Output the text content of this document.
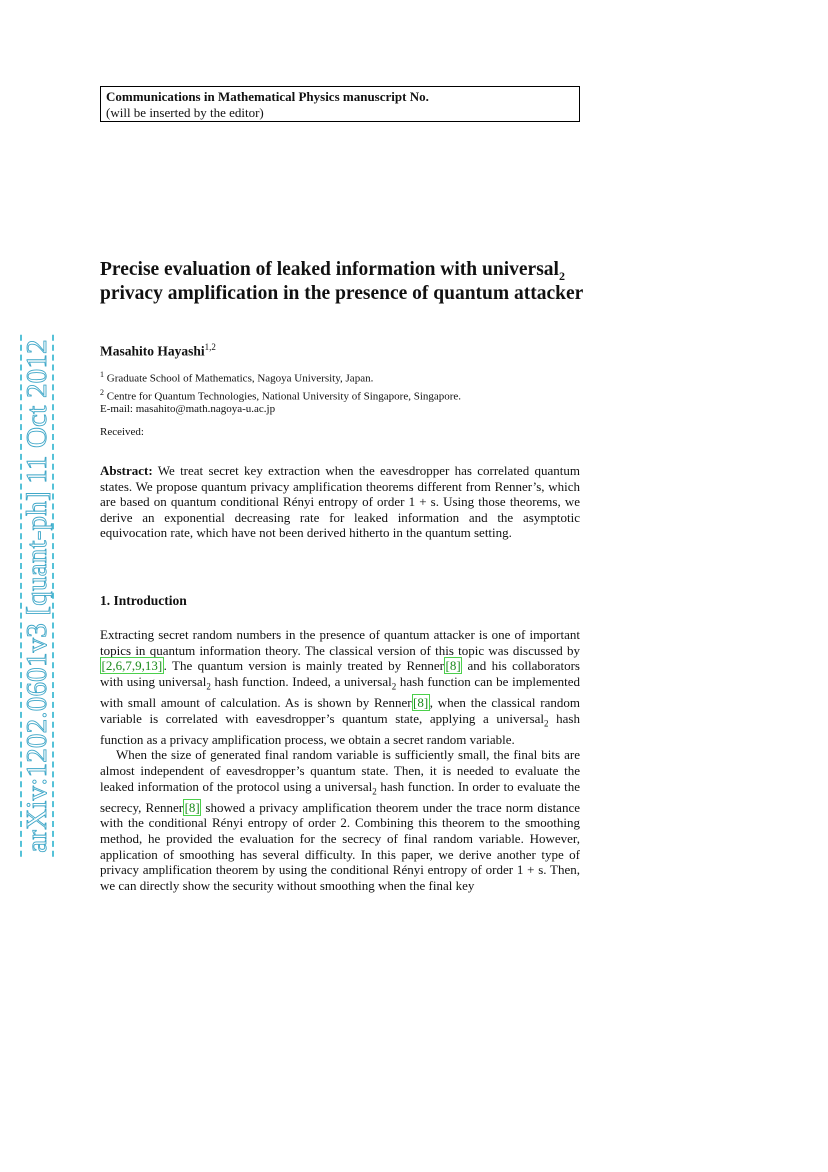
Communications in Mathematical Physics manuscript No.
(will be inserted by the editor)
arXiv:1202.0601v3 [quant-ph] 11 Oct 2012
Precise evaluation of leaked information with universal$_2$ privacy amplification in the presence of quantum attacker
Masahito Hayashi$^{1,2}$
$^1$ Graduate School of Mathematics, Nagoya University, Japan.
$^2$ Centre for Quantum Technologies, National University of Singapore, Singapore.
E-mail: masahito@math.nagoya-u.ac.jp
Received:
Abstract: We treat secret key extraction when the eavesdropper has correlated quantum states. We propose quantum privacy amplification theorems different from Renner’s, which are based on quantum conditional Rényi entropy of order 1 + s. Using those theorems, we derive an exponential decreasing rate for leaked information and the asymptotic equivocation rate, which have not been derived hitherto in the quantum setting.
1. Introduction

Extracting secret random numbers in the presence of quantum attacker is one of important topics in quantum information theory. The classical version of this topic was discussed by [2,6,7,9,13] . The quantum version is mainly treated by Renner [8] and his collaborators with using universal$_2$ hash function. Indeed, a universal$_2$ hash function can be implemented with small amount of calculation. As is shown by Renner [8] , when the classical random variable is correlated with eavesdropper’s quantum state, applying a universal$_2$ hash function as a privacy amplification process, we obtain a secret random variable.

When the size of generated final random variable is sufficiently small, the final bits are almost independent of eavesdropper’s quantum state. Then, it is needed to evaluate the leaked information of the protocol using a universal$_2$ hash function. In order to evaluate the secrecy, Renner [8] showed a privacy amplification theorem under the trace norm distance with the conditional Rényi entropy of order 2. Combining this theorem to the smoothing method, he provided the evaluation for the secrecy of final random variable. However, application of smoothing has several difficulty. In this paper, we derive another type of privacy amplification theorem by using the conditional Rényi entropy of order 1 + s. Then, we can directly show the security without smoothing when the final key
